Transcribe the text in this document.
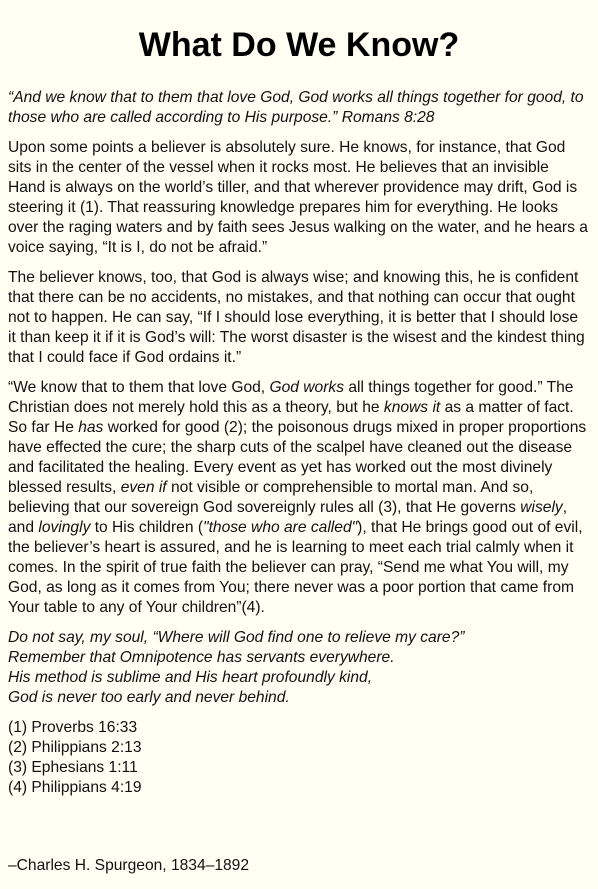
What Do We Know?

“And we know that to them that love God, God works all things together for good, to those who are called according to His purpose.” Romans 8:28

Upon some points a believer is absolutely sure. He knows, for instance, that God sits in the center of the vessel when it rocks most. He believes that an invisible Hand is always on the world’s tiller, and that wherever providence may drift, God is steering it (1). That reassuring knowledge prepares him for everything. He looks over the raging waters and by faith sees Jesus walking on the water, and he hears a voice saying, “It is I, do not be afraid.”

The believer knows, too, that God is always wise; and knowing this, he is confident that there can be no accidents, no mistakes, and that nothing can occur that ought not to happen. He can say, “If I should lose everything, it is better that I should lose it than keep it if it is God’s will: The worst disaster is the wisest and the kindest thing that I could face if God ordains it.”

“We know that to them that love God, God works all things together for good.” The Christian does not merely hold this as a theory, but he knows it as a matter of fact. So far He has worked for good (2); the poisonous drugs mixed in proper proportions have effected the cure; the sharp cuts of the scalpel have cleaned out the disease and facilitated the healing. Every event as yet has worked out the most divinely blessed results, even if not visible or comprehensible to mortal man. And so, believing that our sovereign God sovereignly rules all (3), that He governs wisely, and lovingly to His children ("those who are called"), that He brings good out of evil, the believer’s heart is assured, and he is learning to meet each trial calmly when it comes. In the spirit of true faith the believer can pray, “Send me what You will, my God, as long as it comes from You; there never was a poor portion that came from Your table to any of Your children”(4).

Do not say, my soul, “Where will God find one to relieve my care?”
Remember that Omnipotence has servants everywhere.
His method is sublime and His heart profoundly kind,
God is never too early and never behind.
(1) Proverbs 16:33
(2) Philippians 2:13
(3) Ephesians 1:11
(4) Philippians 4:19
–Charles H. Spurgeon, 1834–1892
